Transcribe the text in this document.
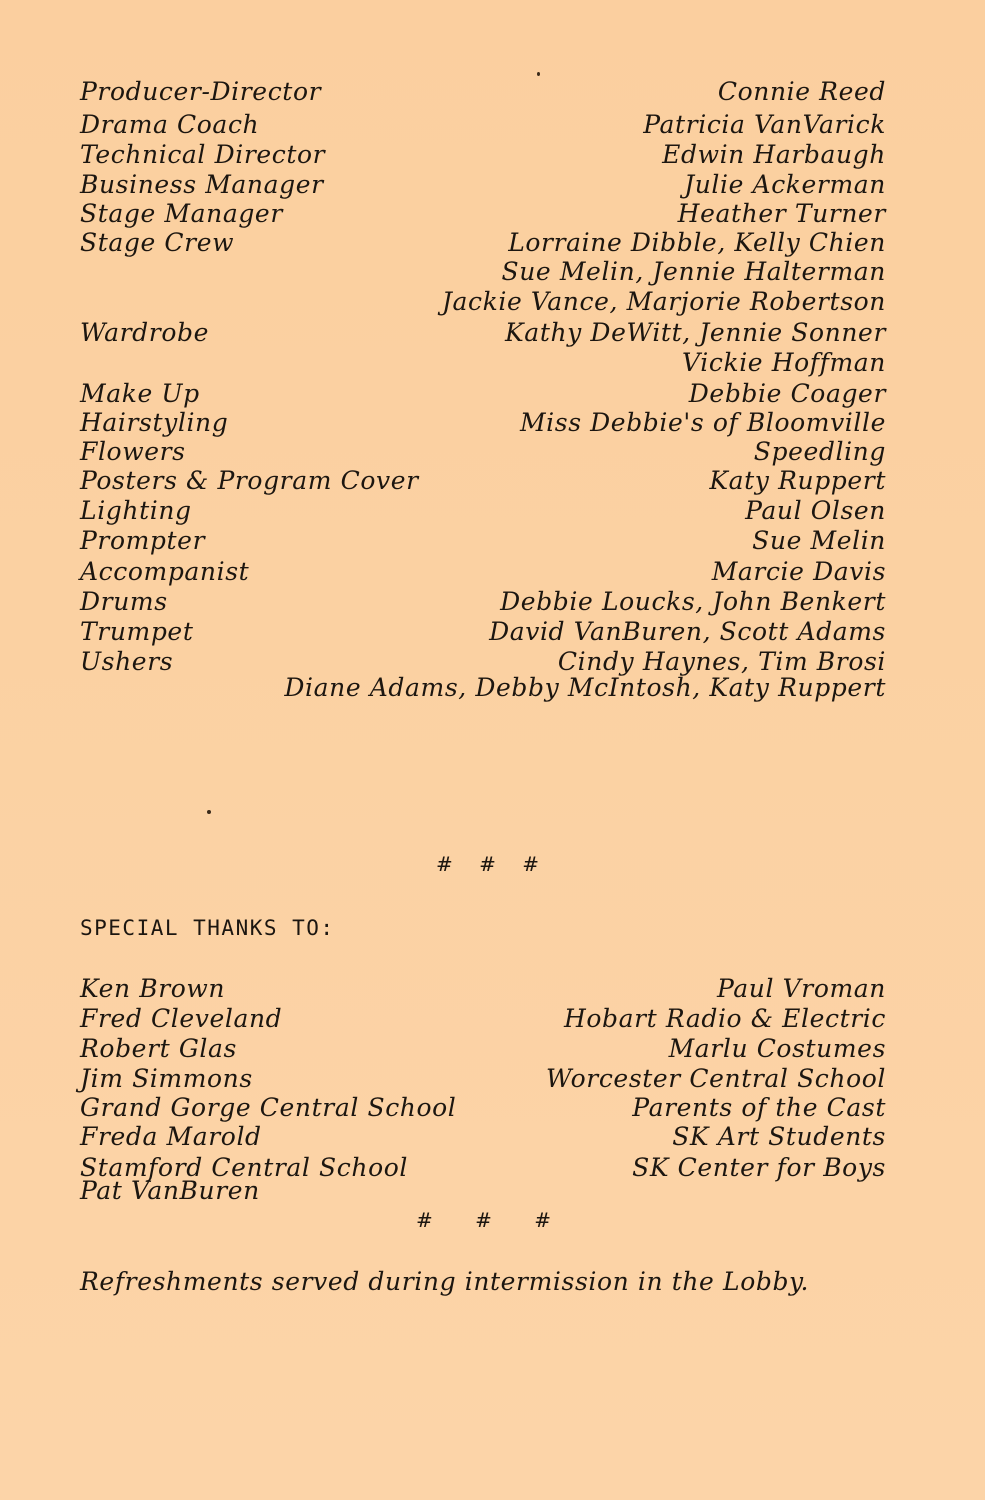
Producer-Director	Connie Reed
Drama Coach	Patricia VanVarick
Technical Director	Edwin Harbaugh
Business Manager	Julie Ackerman
Stage Manager	Heather Turner
Stage Crew	Lorraine Dibble, Kelly Chien
Sue Melin, Jennie Halterman
Jackie Vance, Marjorie Robertson
Wardrobe	Kathy DeWitt, Jennie Sonner
Vickie Hoffman
Make Up	Debbie Coager
Hairstyling	Miss Debbie's of Bloomville
Flowers	Speedling
Posters & Program Cover	Katy Ruppert
Lighting	Paul Olsen
Prompter	Sue Melin
Accompanist	Marcie Davis
Drums	Debbie Loucks, John Benkert
Trumpet	David VanBuren, Scott Adams
Ushers	Cindy Haynes, Tim Brosi
Diane Adams, Debby McIntosh, Katy Ruppert
# # #
SPECIAL THANKS TO:
Ken Brown	Paul Vroman
Fred Cleveland	Hobart Radio & Electric
Robert Glas	Marlu Costumes
Jim Simmons	Worcester Central School
Grand Gorge Central School	Parents of the Cast
Freda Marold	SK Art Students
Stamford Central School	SK Center for Boys
Pat VanBuren
# # #
Refreshments served during intermission in the Lobby.
